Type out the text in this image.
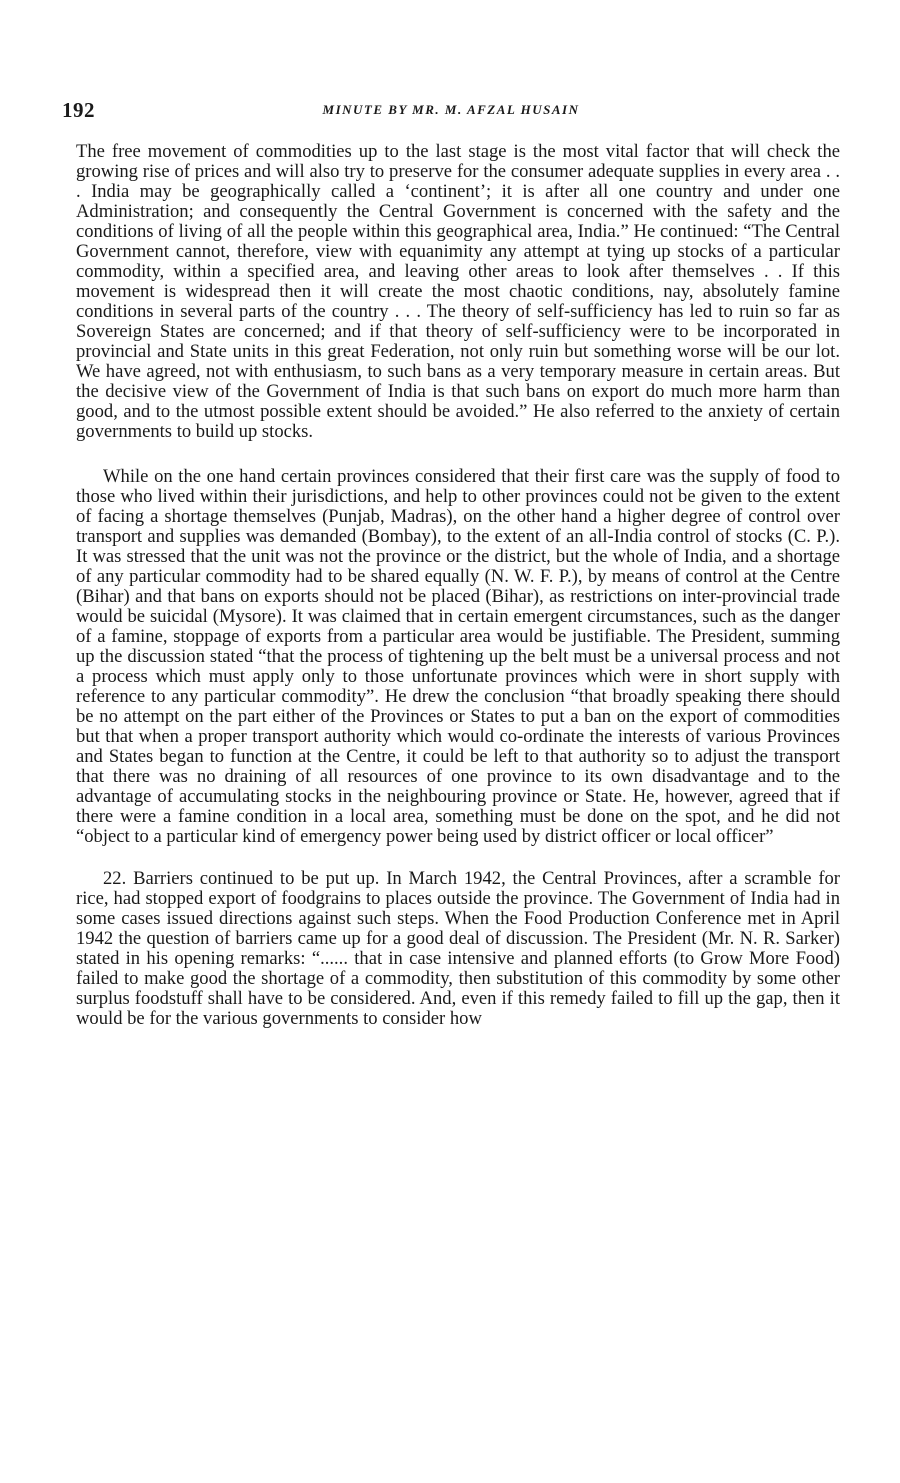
192	MINUTE BY MR. M. AFZAL HUSAIN

The free movement of commodities up to the last stage is the most vital factor that will check the growing rise of prices and will also try to preserve for the consumer adequate supplies in every area . . . India may be geographically called a ‘continent’; it is after all one country and under one Administration; and consequently the Central Government is concerned with the safety and the conditions of living of all the people within this geographical area, India.” He continued: “The Central Government cannot, therefore, view with equanimity any attempt at tying up stocks of a particular commodity, within a specified area, and leaving other areas to look after themselves . . If this movement is widespread then it will create the most chaotic conditions, nay, absolutely famine conditions in several parts of the country . . . The theory of self-sufficiency has led to ruin so far as Sovereign States are concerned; and if that theory of self-sufficiency were to be incorporated in provincial and State units in this great Federation, not only ruin but something worse will be our lot. We have agreed, not with enthusiasm, to such bans as a very temporary measure in certain areas. But the decisive view of the Government of India is that such bans on export do much more harm than good, and to the utmost possible extent should be avoided.” He also referred to the anxiety of certain governments to build up stocks.

While on the one hand certain provinces considered that their first care was the supply of food to those who lived within their jurisdictions, and help to other provinces could not be given to the extent of facing a shortage themselves (Punjab, Madras), on the other hand a higher degree of control over transport and supplies was demanded (Bombay), to the extent of an all-India control of stocks (C. P.). It was stressed that the unit was not the province or the district, but the whole of India, and a shortage of any particular commodity had to be shared equally (N. W. F. P.), by means of control at the Centre (Bihar) and that bans on exports should not be placed (Bihar), as restrictions on inter-provincial trade would be suicidal (Mysore). It was claimed that in certain emergent circumstances, such as the danger of a famine, stoppage of exports from a particular area would be justifiable. The President, summing up the discussion stated “that the process of tightening up the belt must be a universal process and not a process which must apply only to those unfortunate provinces which were in short supply with reference to any particular commodity”. He drew the conclusion “that broadly speaking there should be no attempt on the part either of the Provinces or States to put a ban on the export of commodities but that when a proper transport authority which would co-ordinate the interests of various Provinces and States began to function at the Centre, it could be left to that authority so to adjust the transport that there was no draining of all resources of one province to its own disadvantage and to the advantage of accumulating stocks in the neighbouring province or State. He, however, agreed that if there were a famine condition in a local area, something must be done on the spot, and he did not “object to a particular kind of emergency power being used by district officer or local officer”

22. Barriers continued to be put up. In March 1942, the Central Provinces, after a scramble for rice, had stopped export of foodgrains to places outside the province. The Government of India had in some cases issued directions against such steps. When the Food Production Conference met in April 1942 the question of barriers came up for a good deal of discussion. The President (Mr. N. R. Sarker) stated in his opening remarks: “...... that in case intensive and planned efforts (to Grow More Food) failed to make good the shortage of a commodity, then substitution of this commodity by some other surplus foodstuff shall have to be considered. And, even if this remedy failed to fill up the gap, then it would be for the various governments to consider how
